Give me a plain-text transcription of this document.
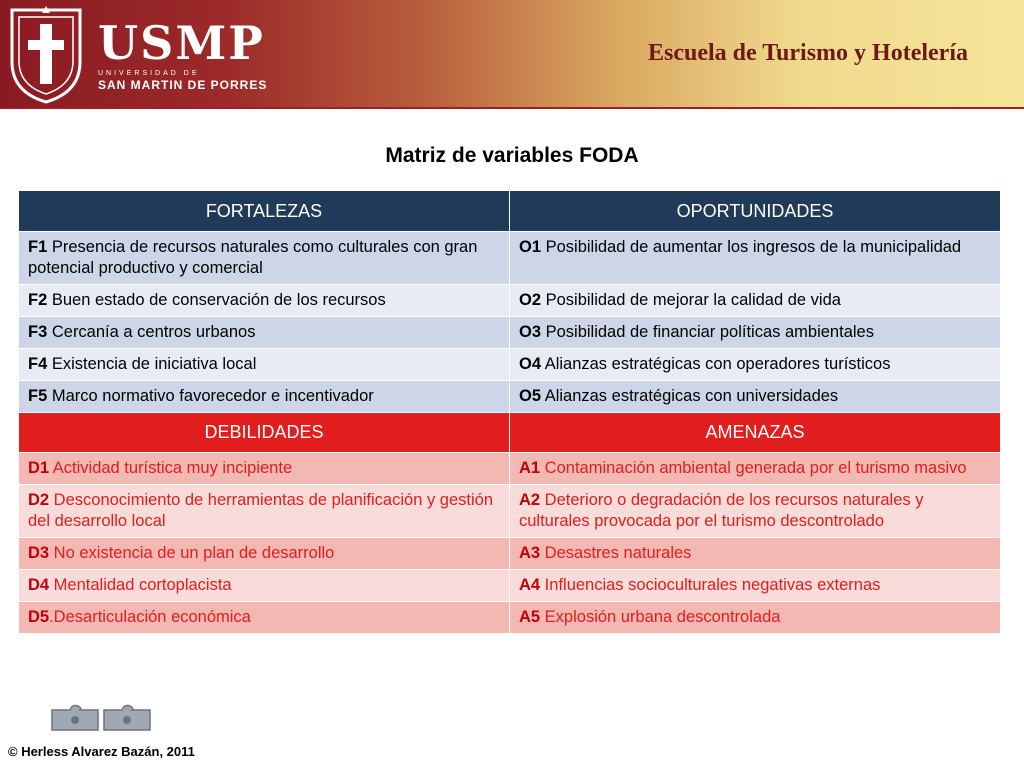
USMP
UNIVERSIDAD DE
SAN MARTIN DE PORRES
Escuela de Turismo y Hotelería
Matriz de variables FODA
FORTALEZAS	OPORTUNIDADES
F1 Presencia de recursos naturales como culturales con gran potencial productivo y comercial	O1 Posibilidad de aumentar los ingresos de la municipalidad
F2 Buen estado de conservación de los recursos	O2 Posibilidad de mejorar la calidad de vida
F3 Cercanía a centros urbanos	O3 Posibilidad de financiar políticas ambientales
F4 Existencia de iniciativa local	O4 Alianzas estratégicas con operadores turísticos
F5 Marco normativo favorecedor e incentivador	O5 Alianzas estratégicas con universidades
DEBILIDADES	AMENAZAS
D1 Actividad turística muy incipiente	A1 Contaminación ambiental generada por el turismo masivo
D2 Desconocimiento de herramientas de planificación y gestión del desarrollo local	A2 Deterioro o degradación de los recursos naturales y culturales provocada por el turismo descontrolado
D3 No existencia de un plan de desarrollo	A3 Desastres naturales
D4 Mentalidad cortoplacista	A4 Influencias socioculturales negativas externas
D5.Desarticulación económica	A5 Explosión urbana descontrolada
© Herless Alvarez Bazán, 2011
